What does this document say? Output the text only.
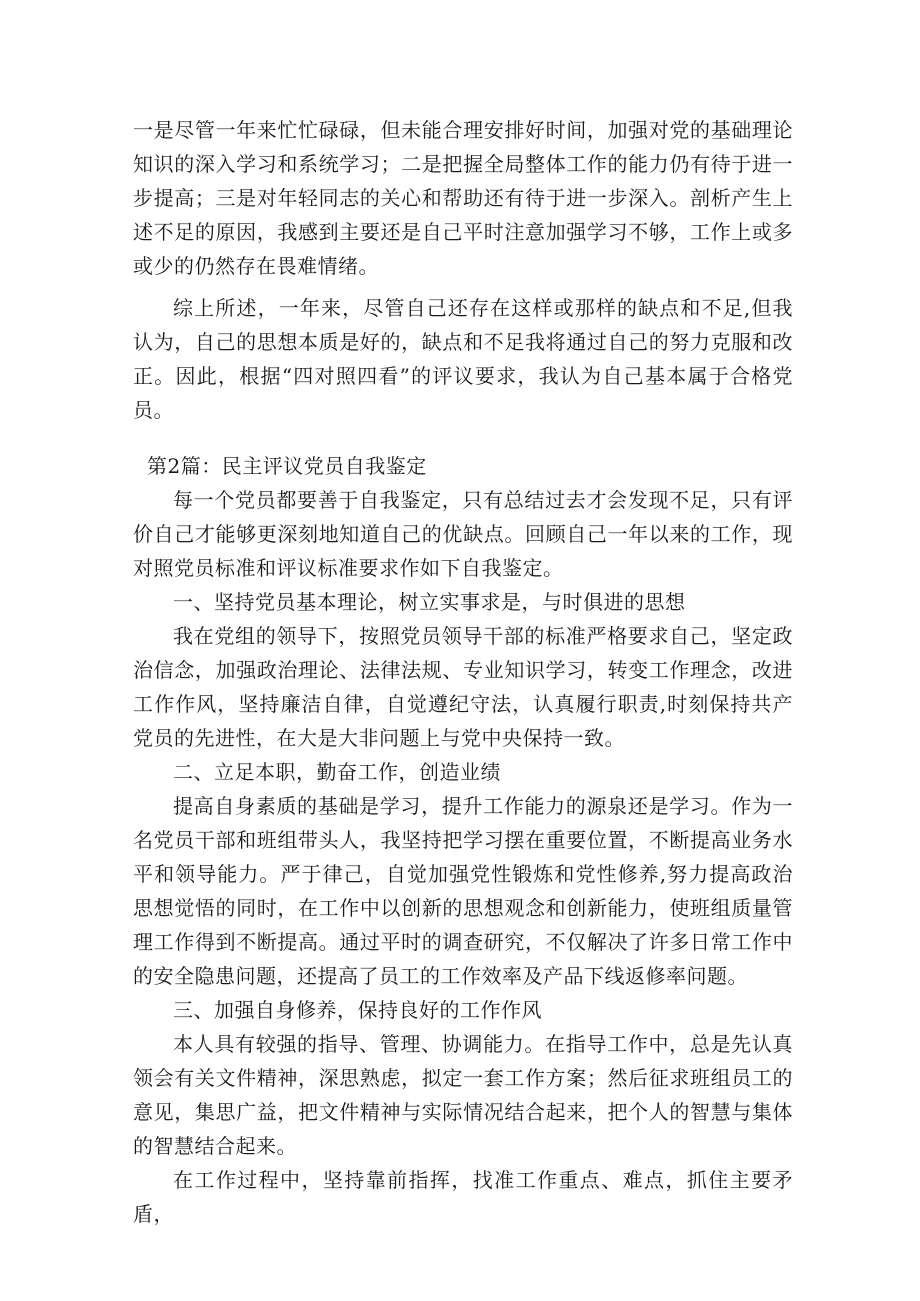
一是尽管一年来忙忙碌碌，但未能合理安排好时间，加强对党的基础理论知识的深入学习和系统学习；二是把握全局整体工作的能力仍有待于进一步提高；三是对年轻同志的关心和帮助还有待于进一步深入。剖析产生上述不足的原因，我感到主要还是自己平时注意加强学习不够，工作上或多或少的仍然存在畏难情绪。

综上所述，一年来，尽管自己还存在这样或那样的缺点和不足,但我认为，自己的思想本质是好的，缺点和不足我将通过自己的努力克服和改正。因此，根据“四对照四看”的评议要求，我认为自己基本属于合格党员。

第2篇：民主评议党员自我鉴定

每一个党员都要善于自我鉴定，只有总结过去才会发现不足，只有评价自己才能够更深刻地知道自己的优缺点。回顾自己一年以来的工作，现对照党员标准和评议标准要求作如下自我鉴定。

一、坚持党员基本理论，树立实事求是，与时俱进的思想

我在党组的领导下，按照党员领导干部的标准严格要求自己，坚定政治信念，加强政治理论、法律法规、专业知识学习，转变工作理念，改进工作作风，坚持廉洁自律，自觉遵纪守法，认真履行职责,时刻保持共产党员的先进性，在大是大非问题上与党中央保持一致。

二、立足本职，勤奋工作，创造业绩

提高自身素质的基础是学习，提升工作能力的源泉还是学习。作为一名党员干部和班组带头人，我坚持把学习摆在重要位置，不断提高业务水平和领导能力。严于律己，自觉加强党性锻炼和党性修养,努力提高政治思想觉悟的同时，在工作中以创新的思想观念和创新能力，使班组质量管理工作得到不断提高。通过平时的调查研究，不仅解决了许多日常工作中的安全隐患问题，还提高了员工的工作效率及产品下线返修率问题。

三、加强自身修养，保持良好的工作作风

本人具有较强的指导、管理、协调能力。在指导工作中，总是先认真领会有关文件精神，深思熟虑，拟定一套工作方案；然后征求班组员工的意见，集思广益，把文件精神与实际情况结合起来，把个人的智慧与集体的智慧结合起来。

在工作过程中，坚持靠前指挥，找准工作重点、难点，抓住主要矛盾，
